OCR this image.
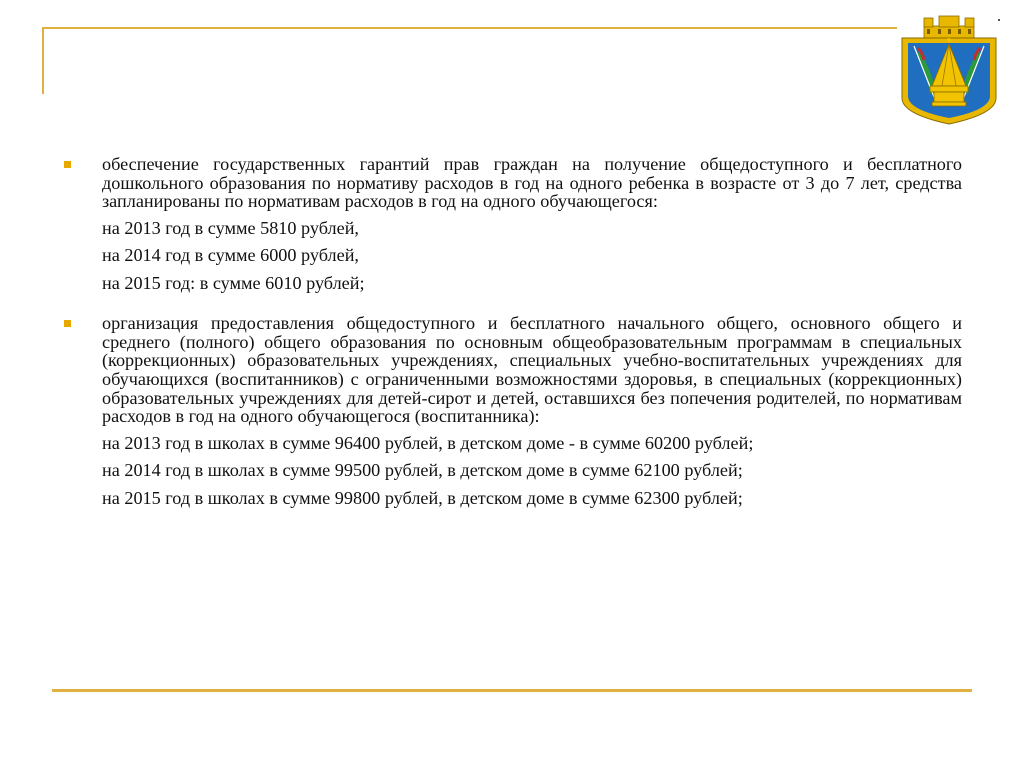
обеспечение государственных гарантий прав граждан на получение общедоступного и бесплатного дошкольного образования по нормативу расходов в год на одного ребенка в возрасте от 3 до 7 лет, средства запланированы по нормативам расходов в год на одного обучающегося:

на 2013 год в сумме 5810 рублей,

на 2014 год в сумме 6000 рублей,

на 2015 год: в сумме 6010 рублей;

организация предоставления общедоступного и бесплатного начального общего, основного общего и среднего (полного) общего образования по основным общеобразовательным программам в специальных (коррекционных) образовательных учреждениях, специальных учебно-воспитательных учреждениях для обучающихся (воспитанников) с ограниченными возможностями здоровья, в специальных (коррекционных) образовательных учреждениях для детей-сирот и детей, оставшихся без попечения родителей, по нормативам расходов в год на одного обучающегося (воспитанника):

на 2013 год в школах в сумме 96400 рублей, в детском доме - в сумме 60200 рублей;

на 2014 год в школах в сумме 99500 рублей, в детском доме в сумме 62100 рублей;

на 2015 год в школах в сумме 99800 рублей, в детском доме в сумме 62300 рублей;
